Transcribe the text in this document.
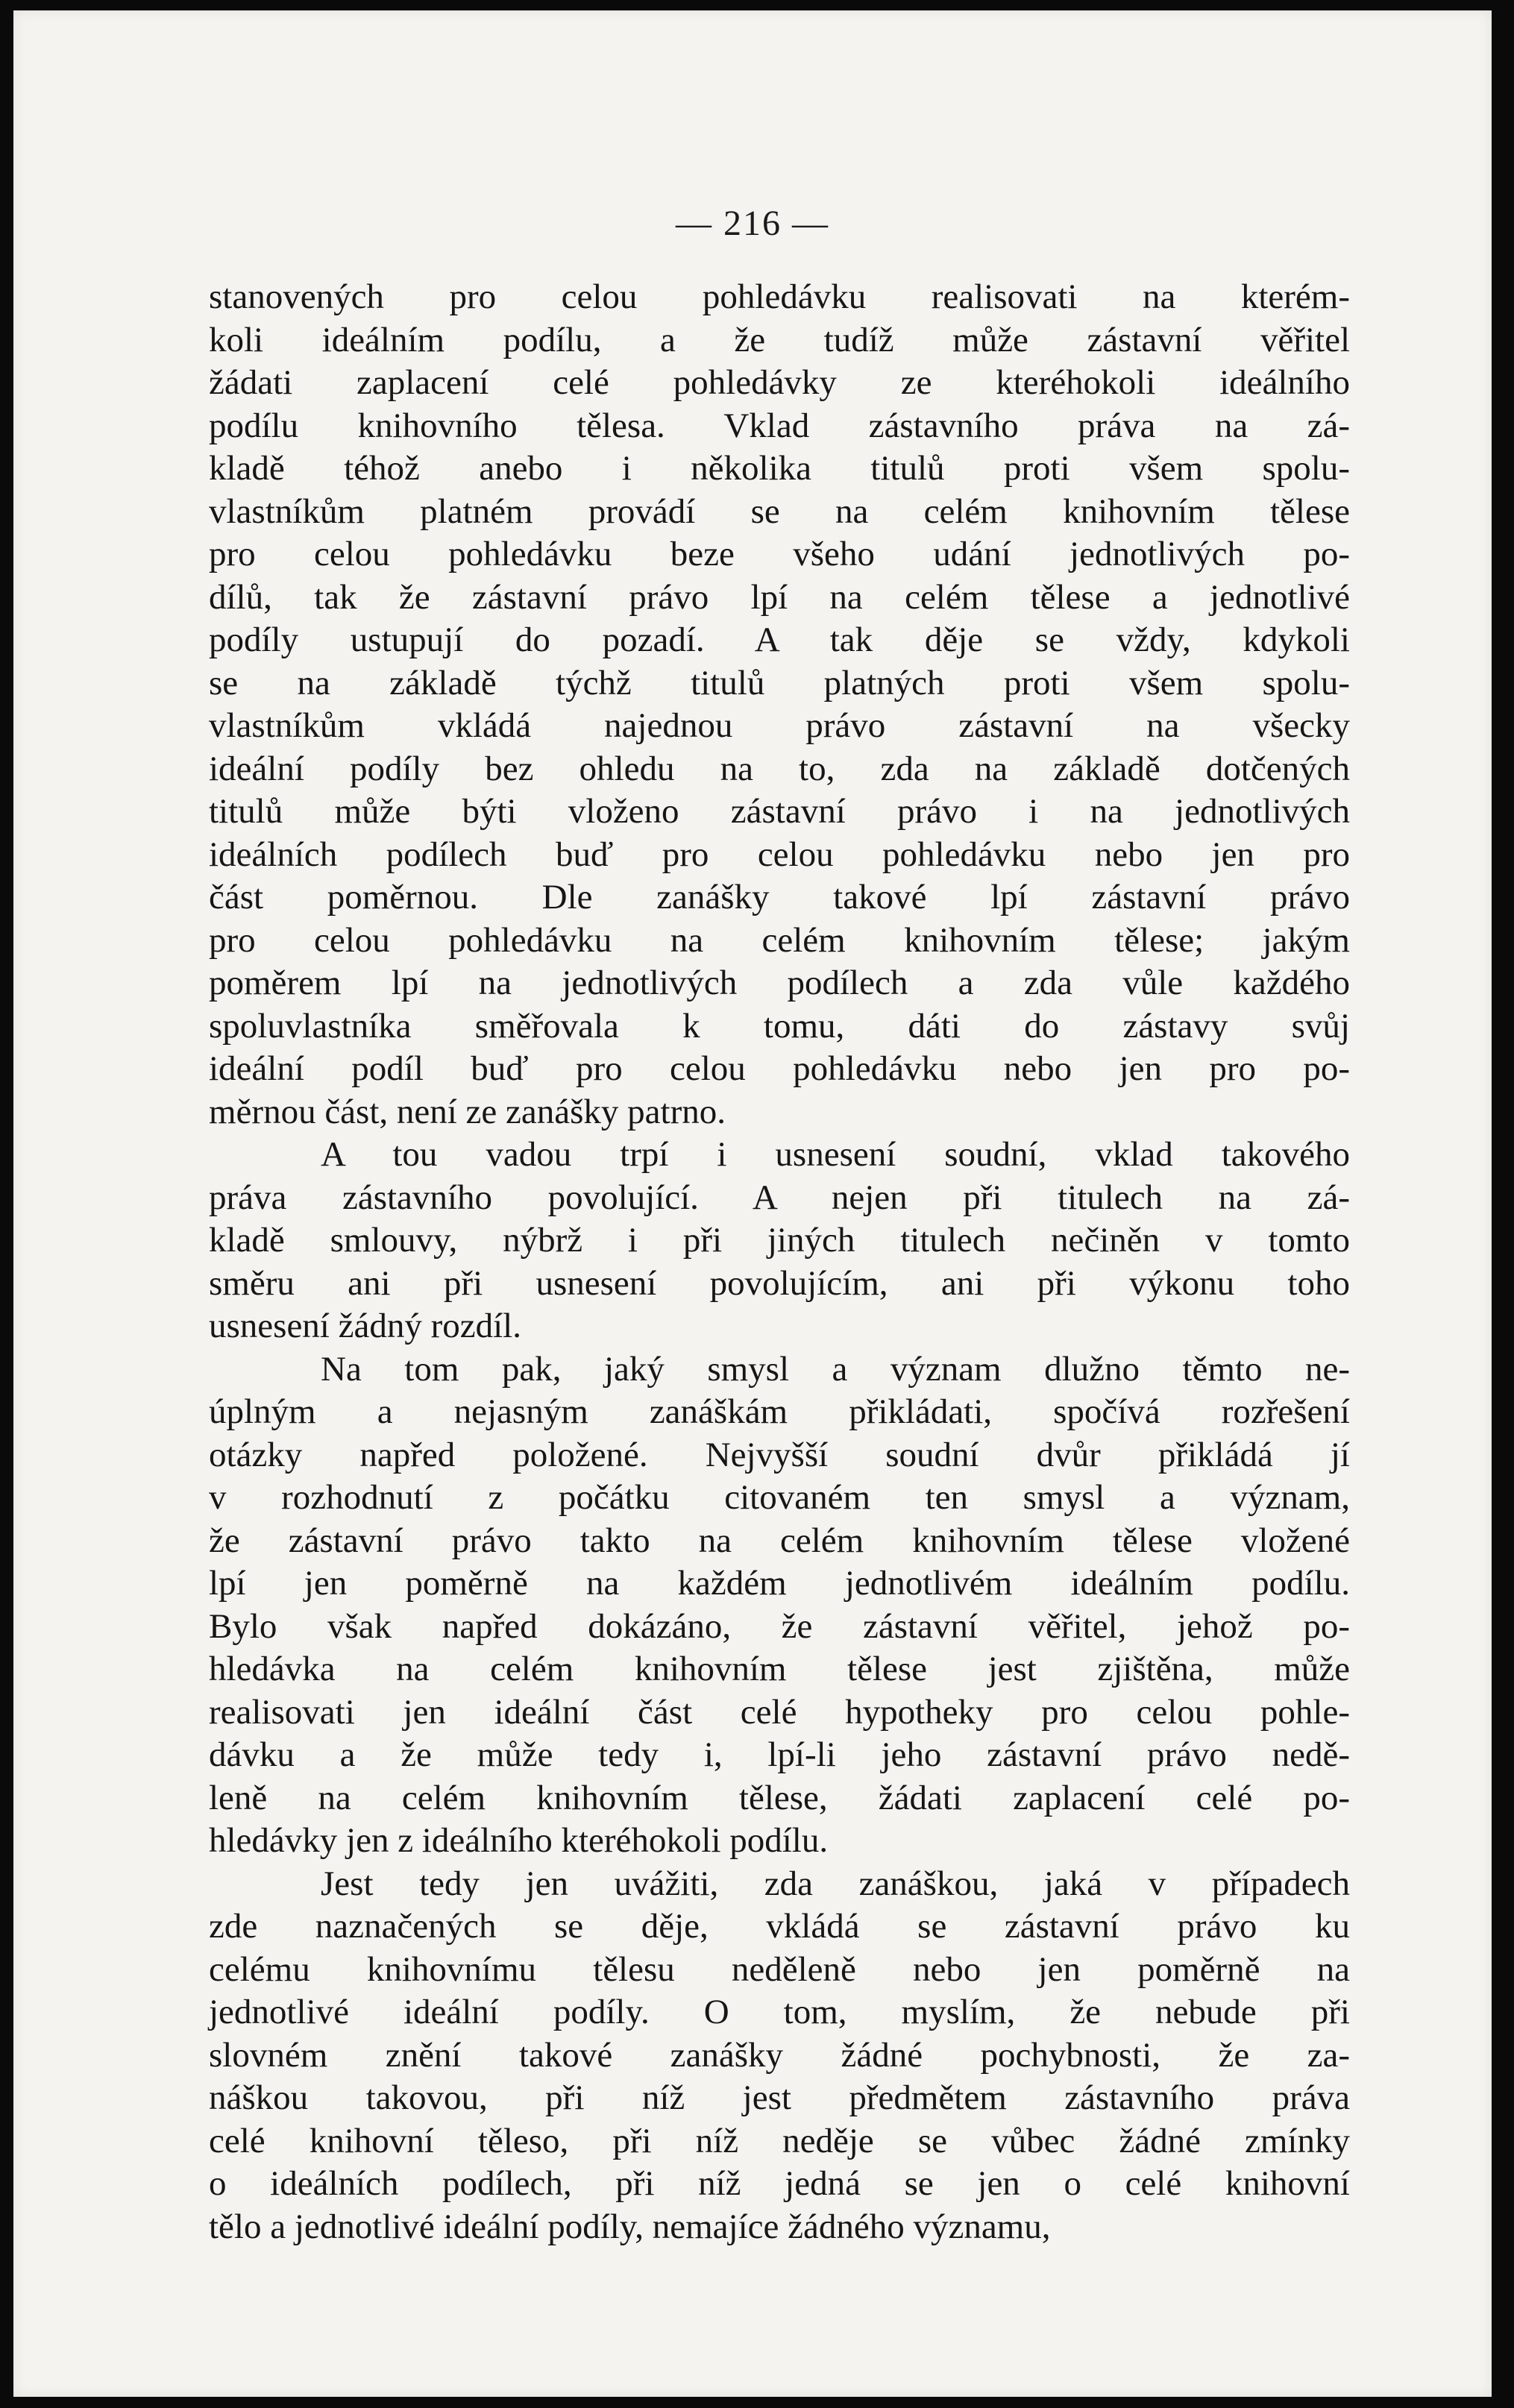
— 216 —

stanovených pro celou pohledávku realisovati na kterém-
koli ideálním podílu, a že tudíž může zástavní věřitel
žádati zaplacení celé pohledávky ze kteréhokoli ideálního
podílu knihovního tělesa. Vklad zástavního práva na zá-
kladě téhož anebo i několika titulů proti všem spolu-
vlastníkům platném provádí se na celém knihovním tělese
pro celou pohledávku beze všeho udání jednotlivých po-
dílů, tak že zástavní právo lpí na celém tělese a jednotlivé
podíly ustupují do pozadí. A tak děje se vždy, kdykoli
se na základě týchž titulů platných proti všem spolu-
vlastníkům vkládá najednou právo zástavní na všecky
ideální podíly bez ohledu na to, zda na základě dotčených
titulů může býti vloženo zástavní právo i na jednotlivých
ideálních podílech buď pro celou pohledávku nebo jen pro
část poměrnou. Dle zanášky takové lpí zástavní právo
pro celou pohledávku na celém knihovním tělese; jakým
poměrem lpí na jednotlivých podílech a zda vůle každého
spoluvlastníka směřovala k tomu, dáti do zástavy svůj
ideální podíl buď pro celou pohledávku nebo jen pro po-
měrnou část, není ze zanášky patrno.
A tou vadou trpí i usnesení soudní, vklad takového
práva zástavního povolující. A nejen při titulech na zá-
kladě smlouvy, nýbrž i při jiných titulech nečiněn v tomto
směru ani při usnesení povolujícím, ani při výkonu toho
usnesení žádný rozdíl.
Na tom pak, jaký smysl a význam dlužno těmto ne-
úplným a nejasným zanáškám přikládati, spočívá rozřešení
otázky napřed položené. Nejvyšší soudní dvůr přikládá jí
v rozhodnutí z počátku citovaném ten smysl a význam,
že zástavní právo takto na celém knihovním tělese vložené
lpí jen poměrně na každém jednotlivém ideálním podílu.
Bylo však napřed dokázáno, že zástavní věřitel, jehož po-
hledávka na celém knihovním tělese jest zjištěna, může
realisovati jen ideální část celé hypotheky pro celou pohle-
dávku a že může tedy i, lpí-li jeho zástavní právo nedě-
leně na celém knihovním tělese, žádati zaplacení celé po-
hledávky jen z ideálního kteréhokoli podílu.
Jest tedy jen uvážiti, zda zanáškou, jaká v případech
zde naznačených se děje, vkládá se zástavní právo ku
celému knihovnímu tělesu neděleně nebo jen poměrně na
jednotlivé ideální podíly. O tom, myslím, že nebude při
slovném znění takové zanášky žádné pochybnosti, že za-
náškou takovou, při níž jest předmětem zástavního práva
celé knihovní těleso, při níž neděje se vůbec žádné zmínky
o ideálních podílech, při níž jedná se jen o celé knihovní
tělo a jednotlivé ideální podíly, nemajíce žádného významu,
